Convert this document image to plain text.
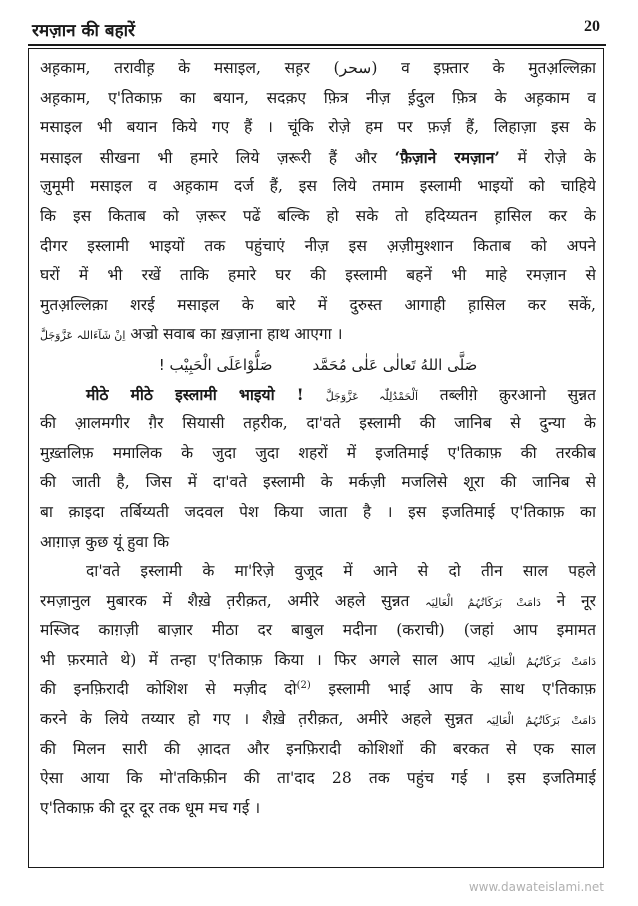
रमज़ान की बहारें	20
अह़काम, तरावीह़ के मसाइल, सह़र (سحر) व इफ़्तार के मुतअ़ल्लिक़ा
अह़काम, ए'तिकाफ़ का बयान, सदक़ए फ़ित्र नीज़ ई़दुल फ़ित्र के अह़काम व
मसाइल भी बयान किये गए हैं । चूंकि रोज़े हम पर फ़र्ज़ हैं, लिहाज़ा इस के
मसाइल सीखना भी हमारे लिये ज़रूरी हैं और ‘फ़ैज़ाने रमज़ान’ में रोज़े के
ज़ुमूमी मसाइल व अह़काम दर्ज हैं, इस लिये तमाम इस्लामी भाइयों को चाहिये
कि इस किताब को ज़रूर पढें बल्कि हो सके तो हदिय्यतन ह़ासिल कर के
दीगर इस्लामी भाइयों तक पहुंचाएं नीज़ इस अ़ज़ीमुश्शान किताब को अपने
घरों में भी रखें ताकि हमारे घर की इस्लामी बहनें भी माहे रमज़ान से
मुतअ़ल्लिक़ा शरई मसाइल के बारे में दुरुस्त आगाही ह़ासिल कर सकें,
اِنْ شَآءَاللہ عَزَّوَجَلَّ अज्रो सवाब का ख़ज़ाना हाथ आएगा ।
صَلُّوْاعَلَی الْحَبِیْب !	صَلَّی اللهُ تَعالٰی عَلٰی مُحَمَّد
मीठे मीठे इस्लामी भाइयो ! اَلْحَمْدُلِلّٰہ عَزَّوَجَلَّ तब्लीग़े क़ुरआनो सुन्नत
की आ़लमगीर ग़ैर सियासी तह़रीक, दा'वते इस्लामी की जानिब से दुन्या के
मुख़्तलिफ़ ममालिक के जुदा जुदा शहरों में इजतिमाई ए'तिकाफ़ की तरकीब
की जाती है, जिस में दा'वते इस्लामी के मर्कज़ी मजलिसे शूरा की जानिब से
बा क़ाइदा तर्बिय्यती जदवल पेश किया जाता है । इस इजतिमाई ए'तिकाफ़ का
आग़ाज़ कुछ यूं हुवा कि
दा'वते इस्लामी के मा'रिज़े वुजूद में आने से दो तीन साल पहले
रमज़ानुल मुबारक में शैख़े त़रीक़त, अमीरे अहले सुन्नत دَامَتْ بَرَکَاتُہُمُ الْعَالِیَہ ने नूर
मस्जिद काग़ज़ी बाज़ार मीठा दर बाबुल मदीना (कराची) (जहां आप इमामत
भी फ़रमाते थे) में तन्हा ए'तिकाफ़ किया । फिर अगले साल आप دَامَتْ بَرَکَاتُہُمُ الْعَالِیَہ
की इनफ़िरादी कोशिश से मज़ीद दो$^{(2)}$ इस्लामी भाई आप के साथ ए'तिकाफ़
करने के लिये तय्यार हो गए । शैख़े त़रीक़त, अमीरे अहले सुन्नत دَامَتْ بَرَکَاتُہُمُ الْعَالِیَہ
की मिलन सारी की आ़दत और इनफ़िरादी कोशिशों की बरकत से एक साल
ऐसा आया कि मो'तकिफ़ीन की ता'दाद 28 तक पहुंच गई । इस इजतिमाई
ए'तिकाफ़ की दूर दूर तक धूम मच गई ।
www.dawateislami.net
